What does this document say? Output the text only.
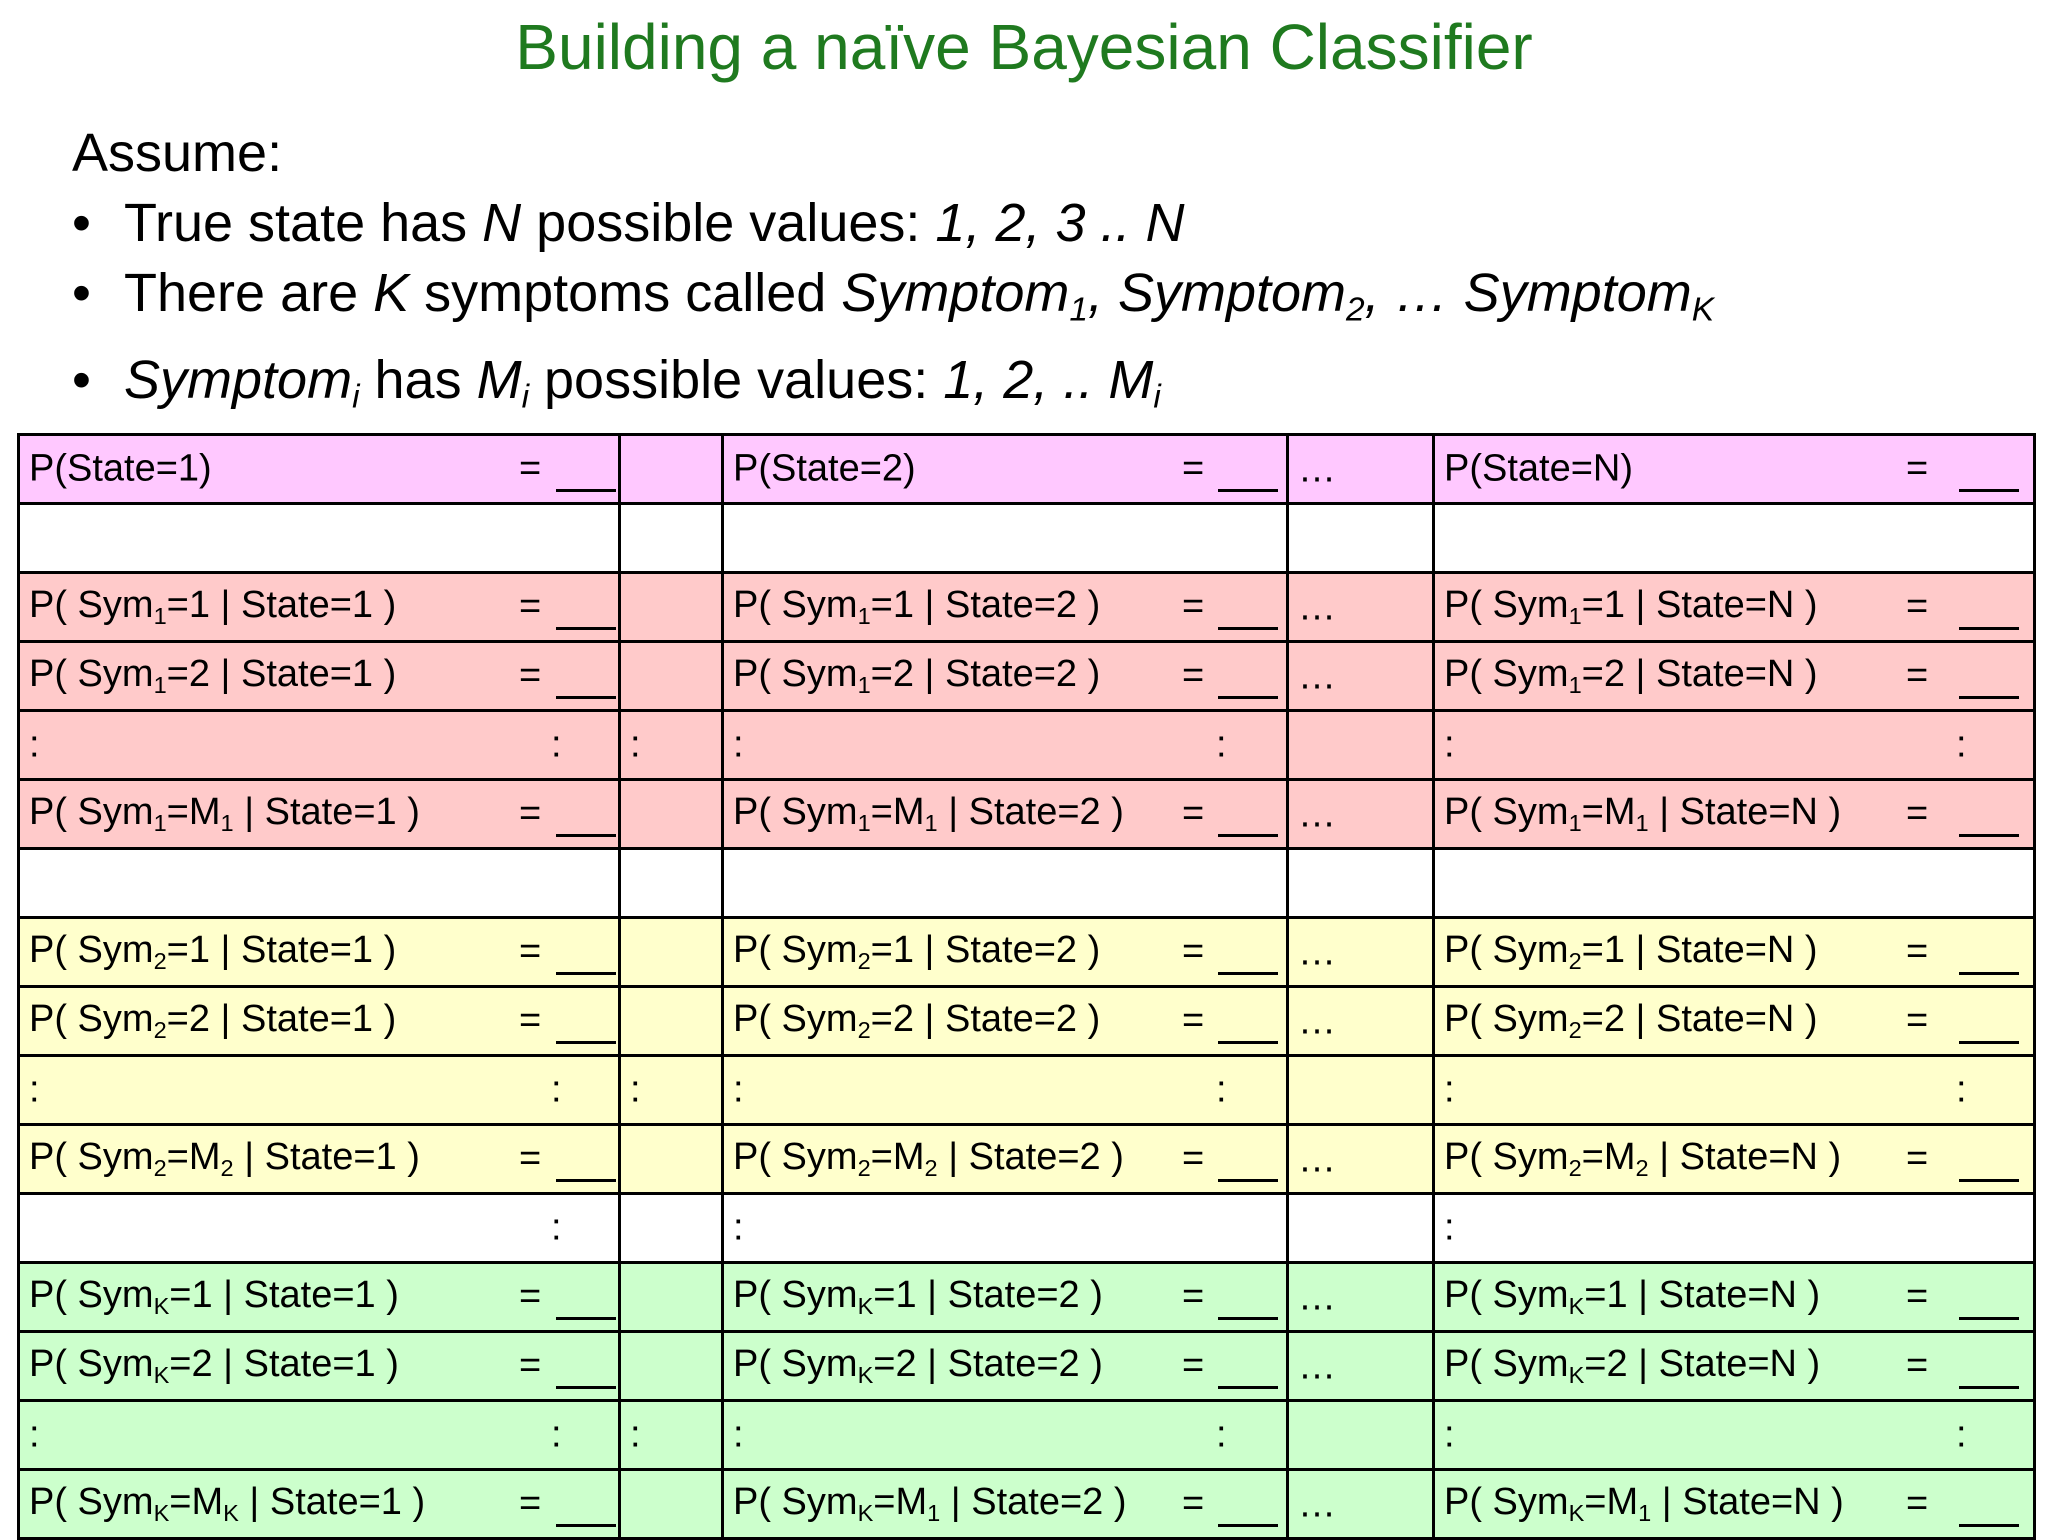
Building a naïve Bayesian Classifier
Assume:
• True state has N possible values: 1, 2, 3 .. N
• There are K symptoms called Symptom$_1$, Symptom$_2$, … Symptom$_K$
• Symptom$_i$ has $M_i$ possible values: 1, 2, .. $M_i$
P(State=1) =		P(State=2) =	…	P(State=N) =

P( Sym$_1$=1 | State=1 ) =		P( Sym$_1$=1 | State=2 ) =	…	P( Sym$_1$=1 | State=N ) =

P( Sym$_1$=2 | State=1 ) =		P( Sym$_1$=2 | State=2 ) =	…	P( Sym$_1$=2 | State=N ) =

: :	:	: :		: :

P( $Sym_1=M_1$ | State=1 ) =		P( $Sym_1=M_1$ | State=2 ) =	…	P( $Sym_1=M_1$ | State=N ) =

P( Sym$_2$=1 | State=1 ) =		P( Sym$_2$=1 | State=2 ) =	…	P( Sym$_2$=1 | State=N ) =

P( Sym$_2$=2 | State=1 ) =		P( Sym$_2$=2 | State=2 ) =	…	P( Sym$_2$=2 | State=N ) =

: :	:	: :		: :

P( $Sym_2=M_2$ | State=1 ) =		P( $Sym_2=M_2$ | State=2 ) =	…	P( $Sym_2=M_2$ | State=N ) =

:		:		:

P( Sym$_K$=1 | State=1 ) =		P( Sym$_K$=1 | State=2 ) =	…	P( Sym$_K$=1 | State=N ) =

P( Sym$_K$=2 | State=1 ) =		P( Sym$_K$=2 | State=2 ) =	…	P( Sym$_K$=2 | State=N ) =

: :	:	: :		: :

P( $Sym_K=M_K$ | State=1 ) =		P( $Sym_K=M_1$ | State=2 ) =	…	P( $Sym_K=M_1$ | State=N ) =
